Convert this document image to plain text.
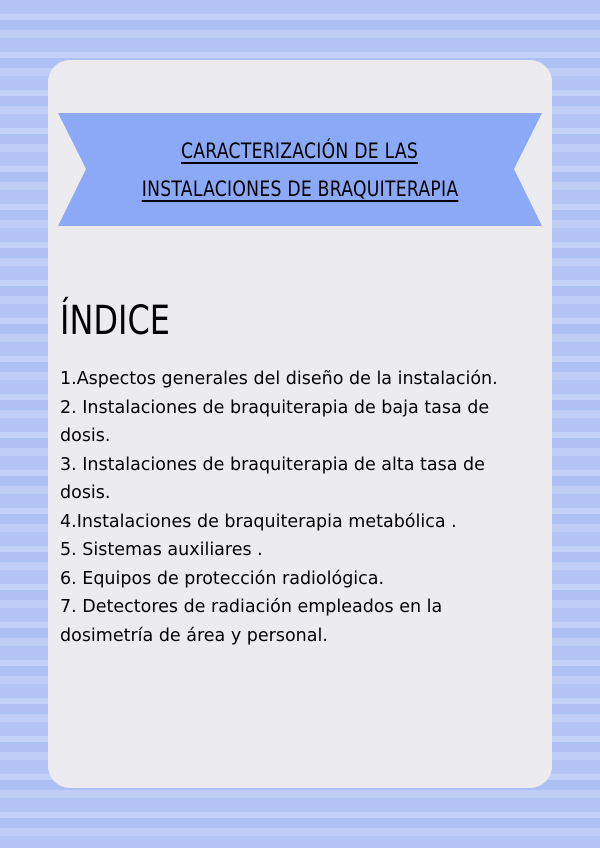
CARACTERIZACIÓN DE LAS
INSTALACIONES DE BRAQUITERAPIA
ÍNDICE
1.Aspectos generales del diseño de la instalación.
2. Instalaciones de braquiterapia de baja tasa de dosis.
3. Instalaciones de braquiterapia de alta tasa de dosis.
4.Instalaciones de braquiterapia metabólica .
5. Sistemas auxiliares .
6. Equipos de protección radiológica.
7. Detectores de radiación empleados en la dosimetría de área y personal.
